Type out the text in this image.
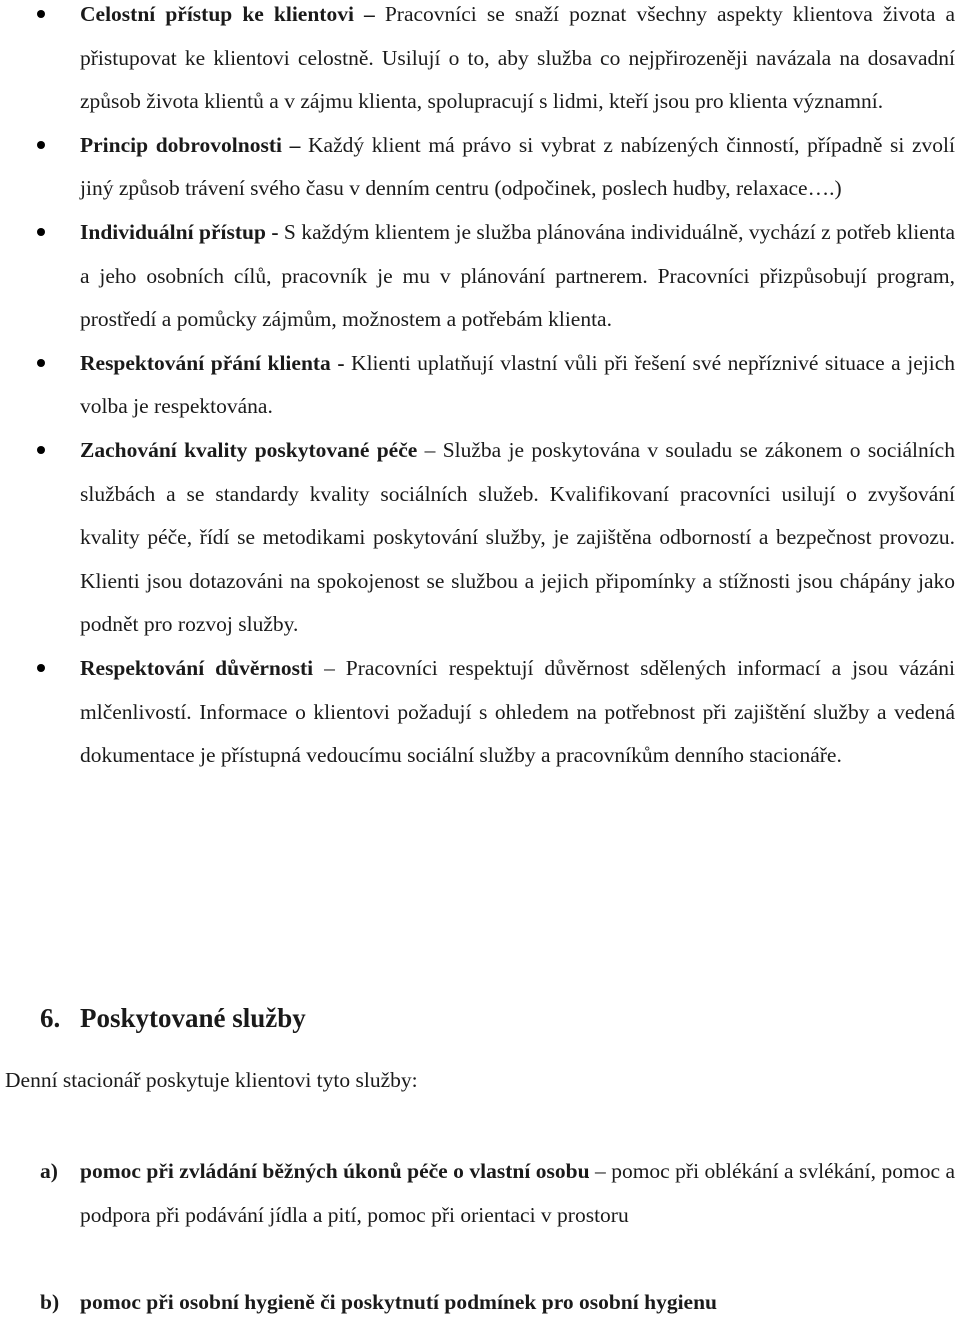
Celostní přístup ke klientovi – Pracovníci se snaží poznat všechny aspekty klientova života a přistupovat ke klientovi celostně. Usilují o to, aby služba co nejpřirozeněji navázala na dosavadní způsob života klientů a v zájmu klienta, spolupracují s lidmi, kteří jsou pro klienta významní.
Princip dobrovolnosti – Každý klient má právo si vybrat z nabízených činností, případně si zvolí jiný způsob trávení svého času v denním centru (odpočinek, poslech hudby, relaxace….)
Individuální přístup - S každým klientem je služba plánována individuálně, vychází z potřeb klienta a jeho osobních cílů, pracovník je mu v plánování partnerem. Pracovníci přizpůsobují program, prostředí a pomůcky zájmům, možnostem a potřebám klienta.
Respektování přání klienta - Klienti uplatňují vlastní vůli při řešení své nepříznivé situace a jejich volba je respektována.
Zachování kvality poskytované péče – Služba je poskytována v souladu se zákonem o sociálních službách a se standardy kvality sociálních služeb. Kvalifikovaní pracovníci usilují o zvyšování kvality péče, řídí se metodikami poskytování služby, je zajištěna odborností a bezpečnost provozu. Klienti jsou dotazováni na spokojenost se službou a jejich připomínky a stížnosti jsou chápány jako podnět pro rozvoj služby.
Respektování důvěrnosti – Pracovníci respektují důvěrnost sdělených informací a jsou vázáni mlčenlivostí. Informace o klientovi požadují s ohledem na potřebnost při zajištění služby a vedená dokumentace je přístupná vedoucímu sociální služby a pracovníkům denního stacionáře.
6. Poskytované služby

Denní stacionář poskytuje klientovi tyto služby:

a)	pomoc při zvládání běžných úkonů péče o vlastní osobu – pomoc při oblékání a svlékání, pomoc a podpora při podávání jídla a pití, pomoc při orientaci v prostoru
b) pomoc při osobní hygieně či poskytnutí podmínek pro osobní hygienu
